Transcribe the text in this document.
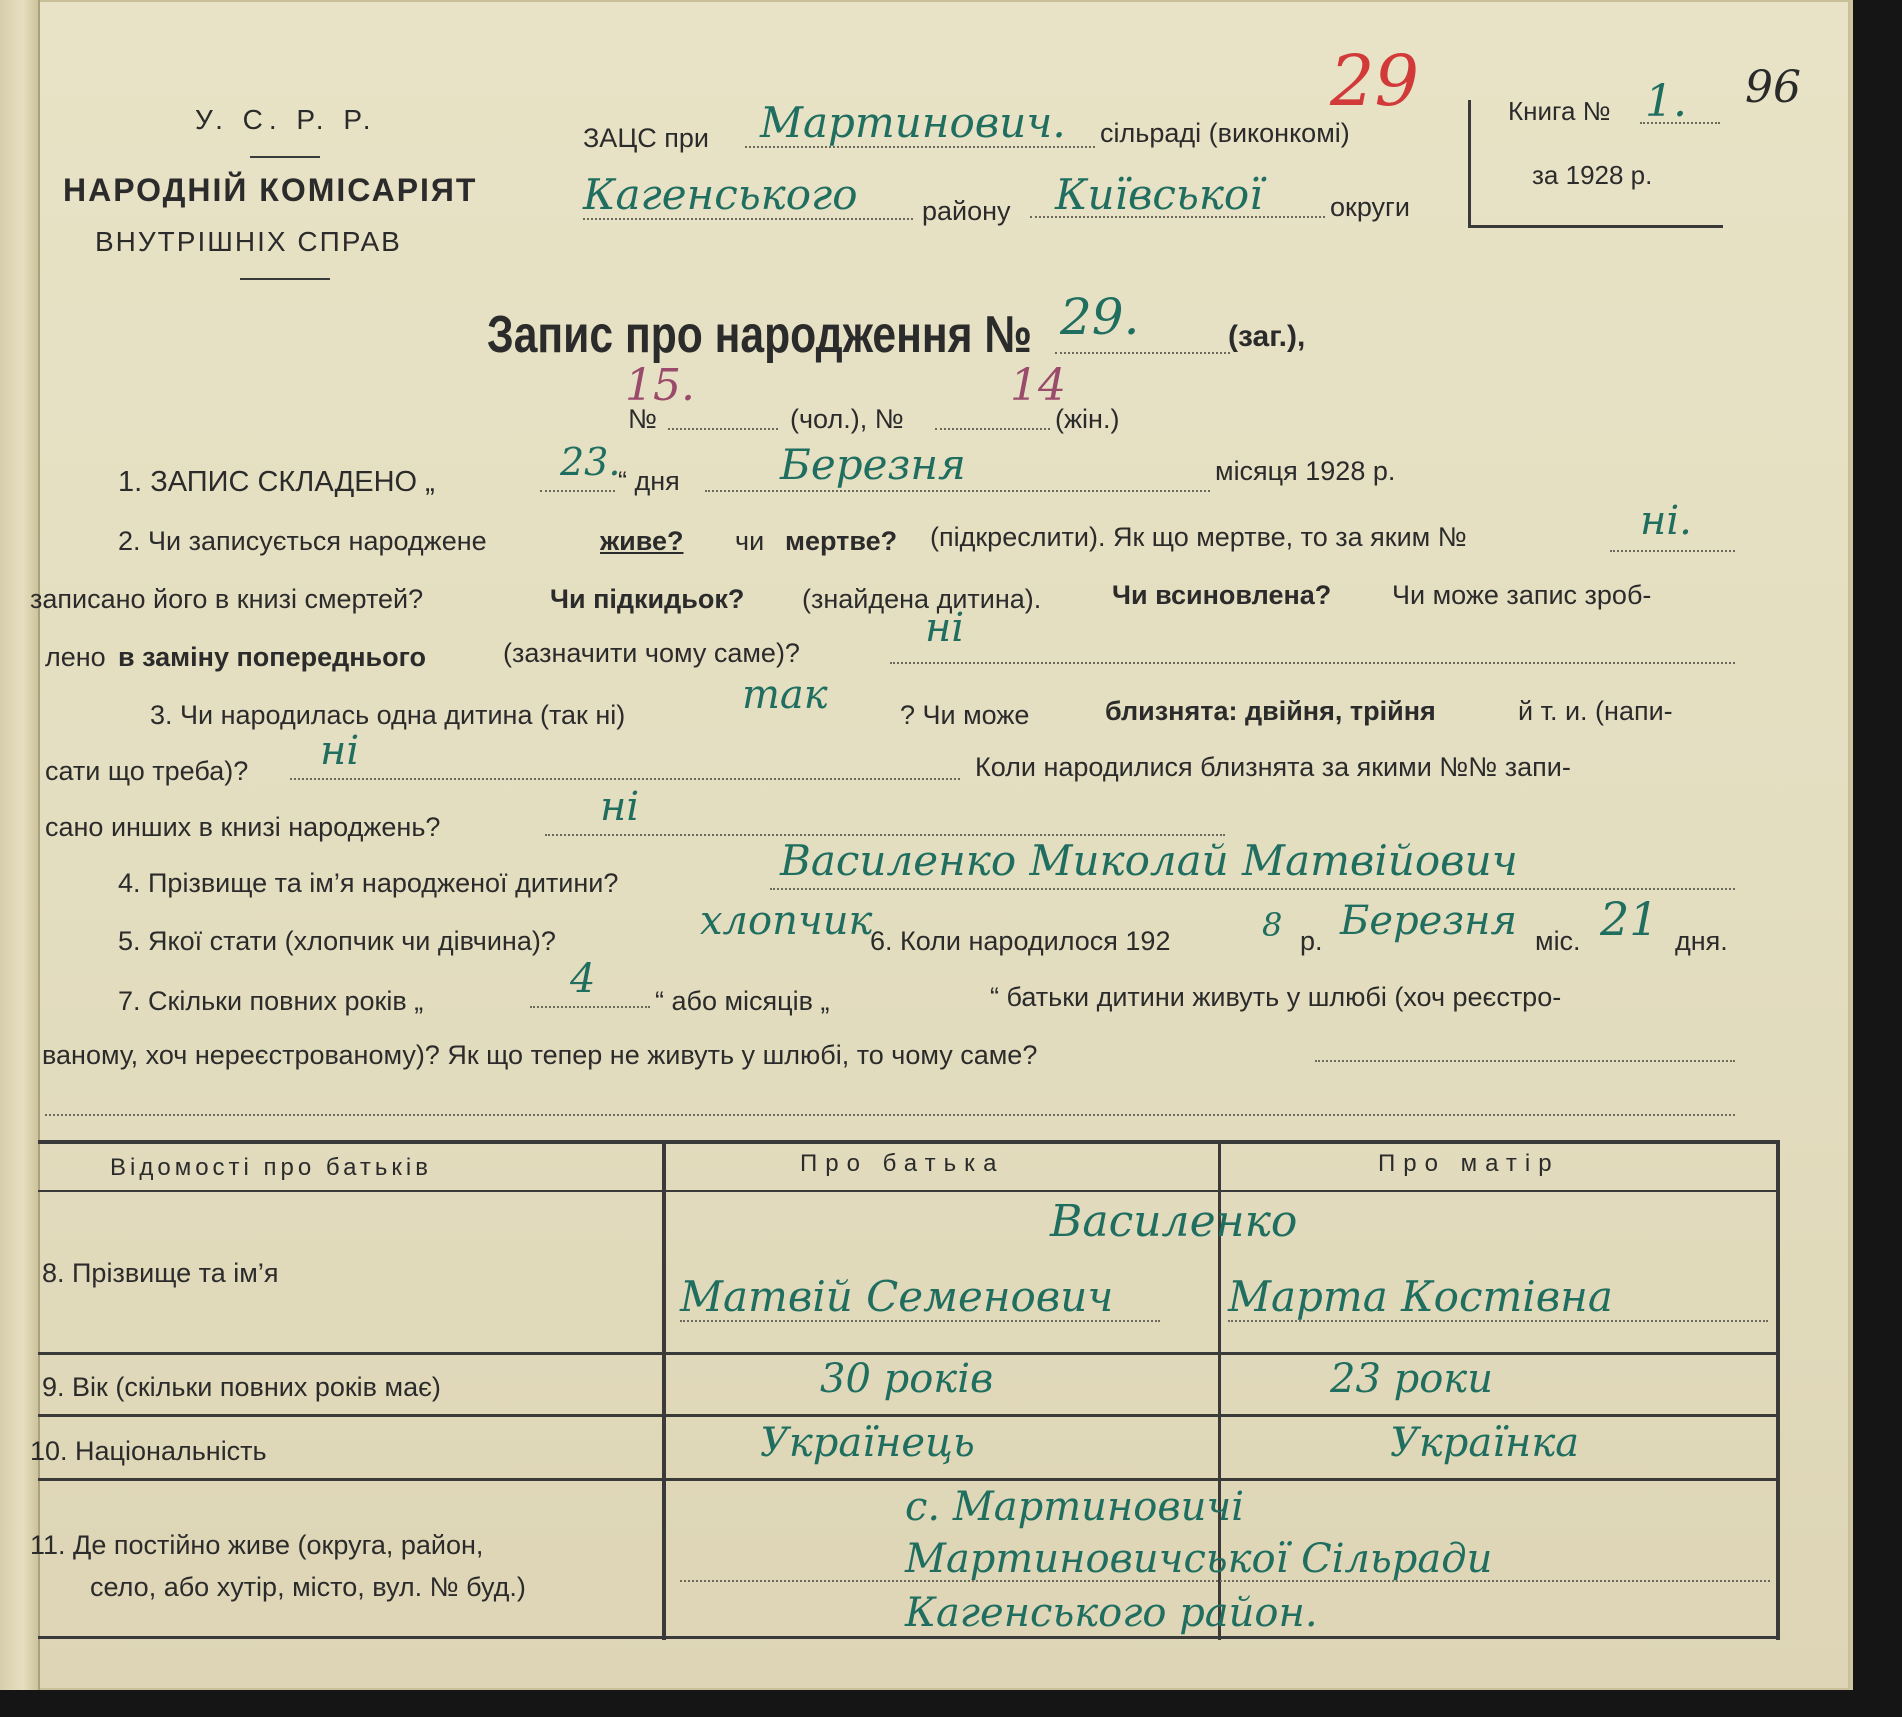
У. С. Р. Р.
НАРОДНІЙ КОМІСАРІЯТ
ВНУТРІШНІХ СПРАВ
ЗАЦС при Мартинович. сільраді (виконкомі)
29
Кагенського району Київської округи
Книга № 1. 96
за 1928 р.
Запис про народження № 29.	(заг.),
№
15.
(чол.), №
14
(жін.)
1. ЗАПИС СКЛАДЕНО „	23.
“ дня Березня	місяця 1928 р.
2. Чи записується народжене	живе? чи мертве? (підкреслити). Як що мертве, то за яким №	ні.
записано його в книзі смертей?	Чи підкидьок? (знайдена дитина).	Чи всиновлена? Чи може запис зроб-
лено в заміну попереднього	(зазначити чому саме)?
ні
3. Чи народилась одна дитина (так ні)	так	? Чи може	близнята: двійня, трійня	й т. и. (напи-
сати що треба)? ні	Коли народилися близнята за якими №№ запи-
сано инших в книзі народжень?	ні
4. Прізвище та ім’я народженої дитини?	Василенко Миколай Матвійович
5. Якої стати (хлопчик чи дівчина)?	хлопчик
6. Коли народилося 192	8 р. Березня міс. 21 дня.
7. Скільки повних років „	4 “ або місяців „	“ батьки дитини живуть у шлюбі (хоч реєстро-
ваному, хоч нереєстрованому)? Як що тепер не живуть у шлюбі, то чому саме?
Відомості про батьків	Про батька	Про матір
8. Прізвище та ім’я
Василенко
Матвій Семенович	Марта Костівна
9. Вік (скільки повних років має)	30 років	23 роки
10. Національність	Українець	Українка
11. Де постійно живе (округа, район,
село, або хутір, місто, вул. № буд.)
с. Мартиновичі
Мартиновичської Сільради
Кагенського район.
